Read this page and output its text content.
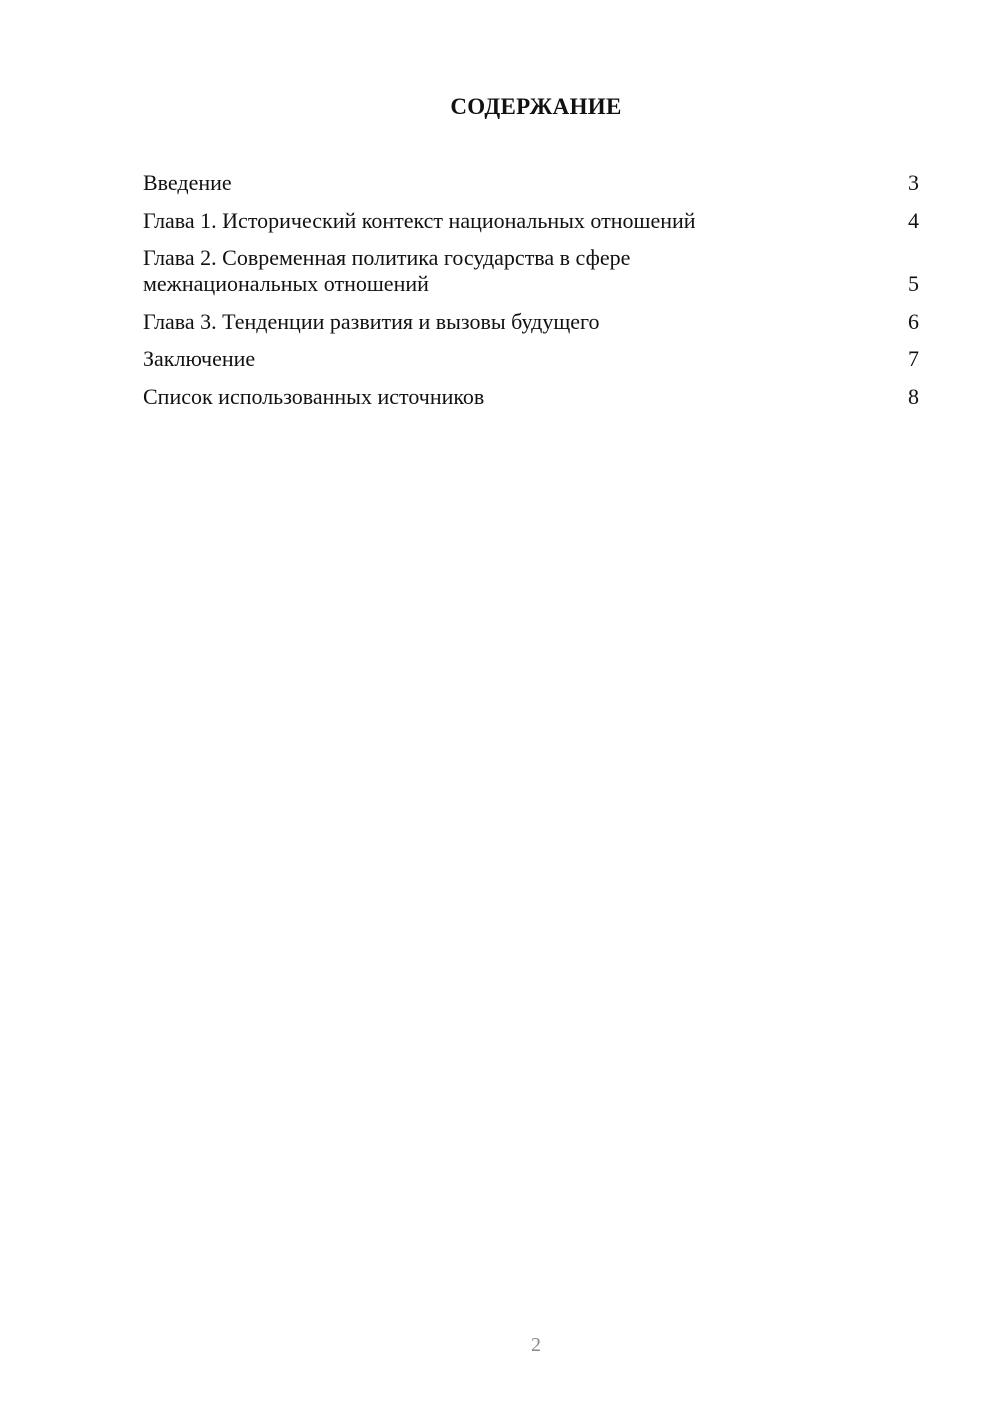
СОДЕРЖАНИЕ
Введение	3
Глава 1. Исторический контекст национальных отношений	4
Глава 2. Современная политика государства в сфере межнациональных отношений	5
Глава 3. Тенденции развития и вызовы будущего	6
Заключение	7
Список использованных источников	8
2
